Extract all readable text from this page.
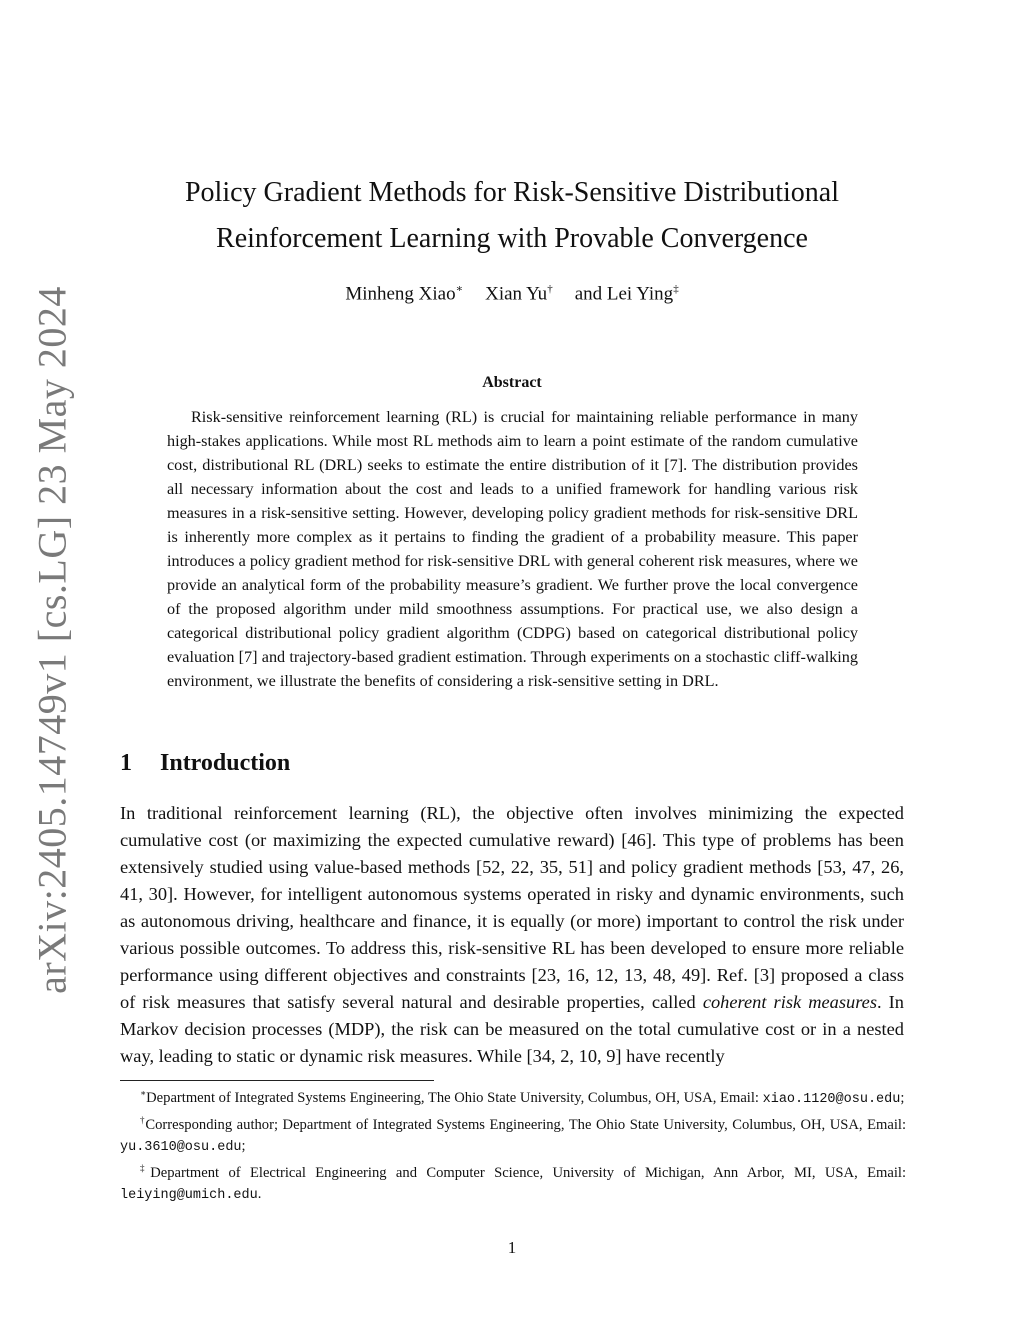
arXiv:2405.14749v1 [cs.LG] 23 May 2024
Policy Gradient Methods for Risk-Sensitive Distributional
Reinforcement Learning with Provable Convergence
Minheng Xiao∗ Xian Yu† and Lei Ying‡
Abstract

Risk-sensitive reinforcement learning (RL) is crucial for maintaining reliable performance in many high-stakes applications. While most RL methods aim to learn a point estimate of the random cumulative cost, distributional RL (DRL) seeks to estimate the entire distribution of it [7]. The distribution provides all necessary information about the cost and leads to a unified framework for handling various risk measures in a risk-sensitive setting. However, developing policy gradient methods for risk-sensitive DRL is inherently more complex as it pertains to finding the gradient of a probability measure. This paper introduces a policy gradient method for risk-sensitive DRL with general coherent risk measures, where we provide an analytical form of the probability measure’s gradient. We further prove the local convergence of the proposed algorithm under mild smoothness assumptions. For practical use, we also design a categorical distributional policy gradient algorithm (CDPG) based on categorical distributional policy evaluation [7] and trajectory-based gradient estimation. Through experiments on a stochastic cliff-walking environment, we illustrate the benefits of considering a risk-sensitive setting in DRL.

1 Introduction

In traditional reinforcement learning (RL), the objective often involves minimizing the expected cumulative cost (or maximizing the expected cumulative reward) [46]. This type of problems has been extensively studied using value-based methods [52, 22, 35, 51] and policy gradient methods [53, 47, 26, 41, 30]. However, for intelligent autonomous systems operated in risky and dynamic environments, such as autonomous driving, healthcare and finance, it is equally (or more) important to control the risk under various possible outcomes. To address this, risk-sensitive RL has been developed to ensure more reliable performance using different objectives and constraints [23, 16, 12, 13, 48, 49]. Ref. [3] proposed a class of risk measures that satisfy several natural and desirable properties, called coherent risk measures. In Markov decision processes (MDP), the risk can be measured on the total cumulative cost or in a nested way, leading to static or dynamic risk measures. While [34, 2, 10, 9] have recently

∗Department of Integrated Systems Engineering, The Ohio State University, Columbus, OH, USA, Email: xiao.1120@osu.edu;

†Corresponding author; Department of Integrated Systems Engineering, The Ohio State University, Columbus, OH, USA, Email: yu.3610@osu.edu;

‡Department of Electrical Engineering and Computer Science, University of Michigan, Ann Arbor, MI, USA, Email: leiying@umich.edu.

1
